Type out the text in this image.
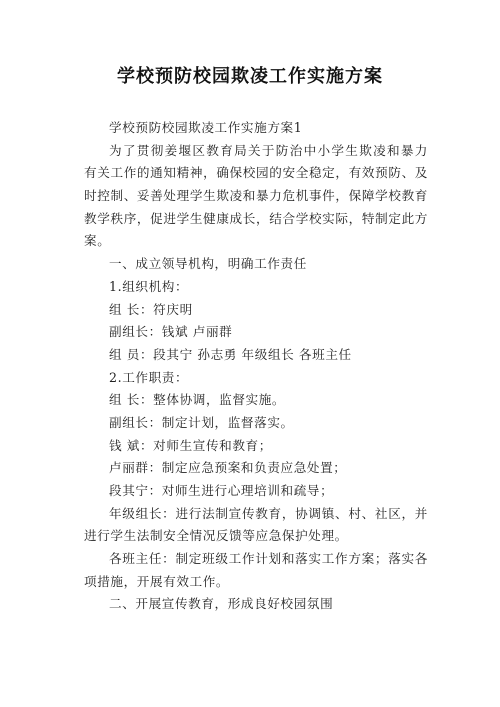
学校预防校园欺凌工作实施方案
学校预防校园欺凌工作实施方案1
为了贯彻姜堰区教育局关于防治中小学生欺凌和暴力
有关工作的通知精神，确保校园的安全稳定，有效预防、及
时控制、妥善处理学生欺凌和暴力危机事件，保障学校教育
教学秩序，促进学生健康成长，结合学校实际，特制定此方
案。
一、成立领导机构，明确工作责任
1.组织机构：
组 长：符庆明
副组长：钱斌 卢丽群
组 员：段其宁 孙志勇 年级组长 各班主任
2.工作职责：
组 长：整体协调，监督实施。
副组长：制定计划，监督落实。
钱 斌：对师生宣传和教育；
卢丽群：制定应急预案和负责应急处置；
段其宁：对师生进行心理培训和疏导；
年级组长：进行法制宣传教育，协调镇、村、社区，并
进行学生法制安全情况反馈等应急保护处理。
各班主任：制定班级工作计划和落实工作方案；落实各
项措施，开展有效工作。
二、开展宣传教育，形成良好校园氛围
